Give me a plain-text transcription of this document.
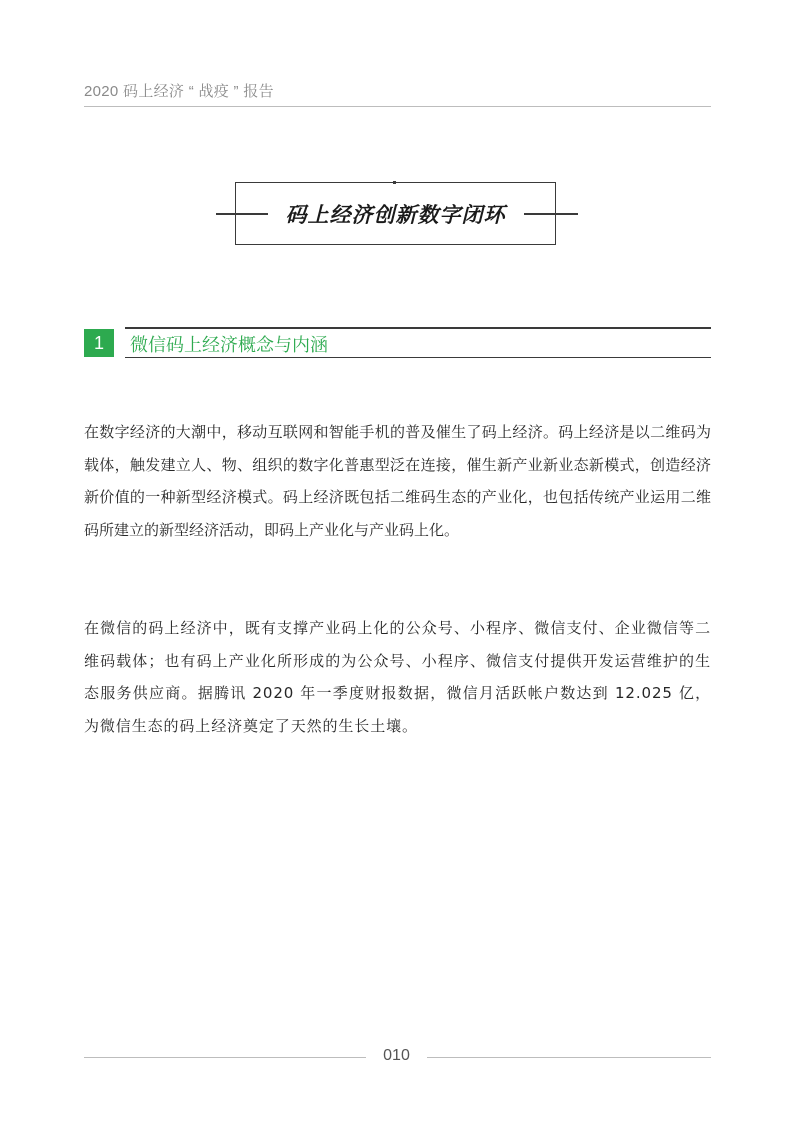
2020 码上经济 “ 战疫 ” 报告
码上经济创新数字闭环
1	微信码上经济概念与内涵

在数字经济的大潮中，移动互联网和智能手机的普及催生了码上经济。码上经济是以二维码为载体，触发建立人、物、组织的数字化普惠型泛在连接，催生新产业新业态新模式，创造经济新价值的一种新型经济模式。码上经济既包括二维码生态的产业化，也包括传统产业运用二维码所建立的新型经济活动，即码上产业化与产业码上化。

在微信的码上经济中，既有支撑产业码上化的公众号、小程序、微信支付、企业微信等二维码载体；也有码上产业化所形成的为公众号、小程序、微信支付提供开发运营维护的生态服务供应商。据腾讯 2020 年一季度财报数据，微信月活跃帐户数达到 12.025 亿，为微信生态的码上经济奠定了天然的生长土壤。

010
